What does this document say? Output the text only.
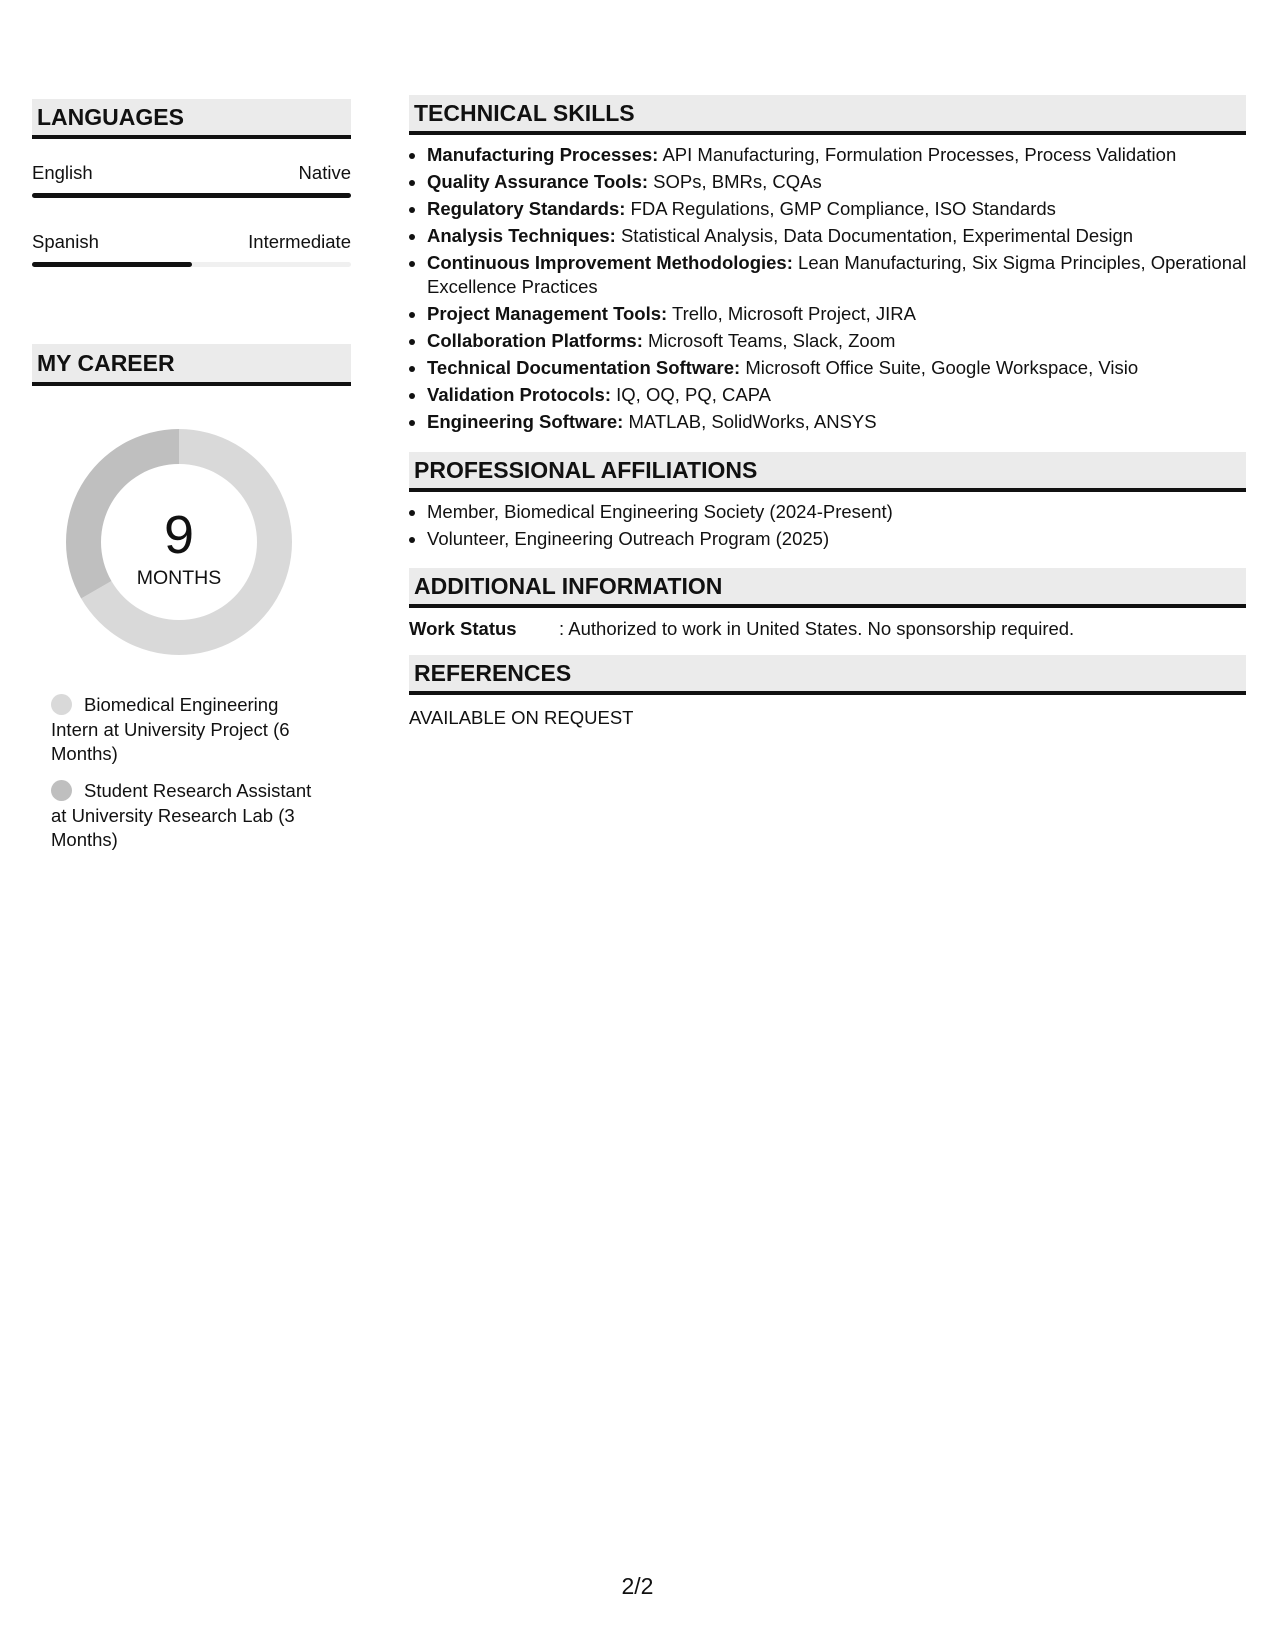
LANGUAGES
English	Native
Spanish	Intermediate
MY CAREER
9
MONTHS
Biomedical Engineering Intern at University Project (6 Months)
Student Research Assistant at University Research Lab (3 Months)
TECHNICAL SKILLS
• Manufacturing Processes: API Manufacturing, Formulation Processes, Process Validation
• Quality Assurance Tools: SOPs, BMRs, CQAs
• Regulatory Standards: FDA Regulations, GMP Compliance, ISO Standards
• Analysis Techniques: Statistical Analysis, Data Documentation, Experimental Design
• Continuous Improvement Methodologies: Lean Manufacturing, Six Sigma Principles, Operational Excellence Practices
• Project Management Tools: Trello, Microsoft Project, JIRA
• Collaboration Platforms: Microsoft Teams, Slack, Zoom
• Technical Documentation Software: Microsoft Office Suite, Google Workspace, Visio
• Validation Protocols: IQ, OQ, PQ, CAPA
• Engineering Software: MATLAB, SolidWorks, ANSYS
PROFESSIONAL AFFILIATIONS
• Member, Biomedical Engineering Society (2024-Present)
• Volunteer, Engineering Outreach Program (2025)
ADDITIONAL INFORMATION
Work Status : Authorized to work in United States. No sponsorship required.
REFERENCES
AVAILABLE ON REQUEST
2/2
